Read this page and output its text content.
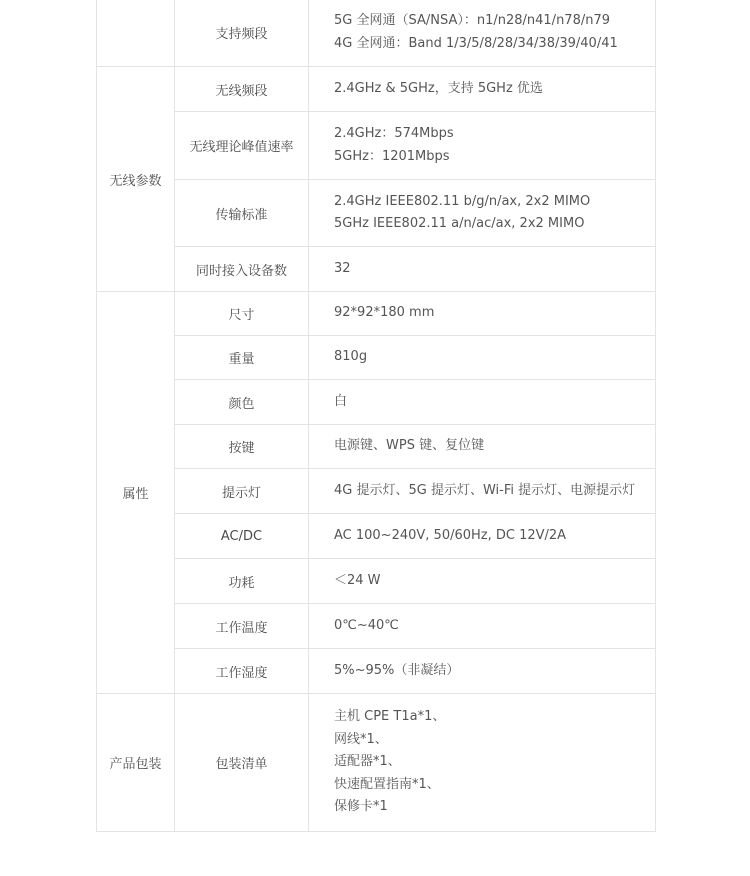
	支持频段	5G 全网通（SA/NSA）：n1/n28/n41/n78/n79
4G 全网通：Band 1/3/5/8/28/34/38/39/40/41

无线参数	无线频段	2.4GHz & 5GHz，支持 5GHz 优选

	无线理论峰值速率	2.4GHz：574Mbps
5GHz：1201Mbps

	传输标准	2.4GHz IEEE802.11 b/g/n/ax, 2x2 MIMO
5GHz IEEE802.11 a/n/ac/ax, 2x2 MIMO

	同时接入设备数	32

属性	尺寸	92*92*180 mm

	重量	810g

	颜色	白

	按键	电源键、WPS 键、复位键

	提示灯	4G 提示灯、5G 提示灯、Wi-Fi 提示灯、电源提示灯

	AC/DC	AC 100~240V, 50/60Hz, DC 12V/2A

	功耗	＜24 W

	工作温度	0℃~40℃

	工作湿度	5%~95%（非凝结）

产品包装	包装清单	主机 CPE T1a*1、
网线*1、
适配器*1、
快速配置指南*1、
保修卡*1
